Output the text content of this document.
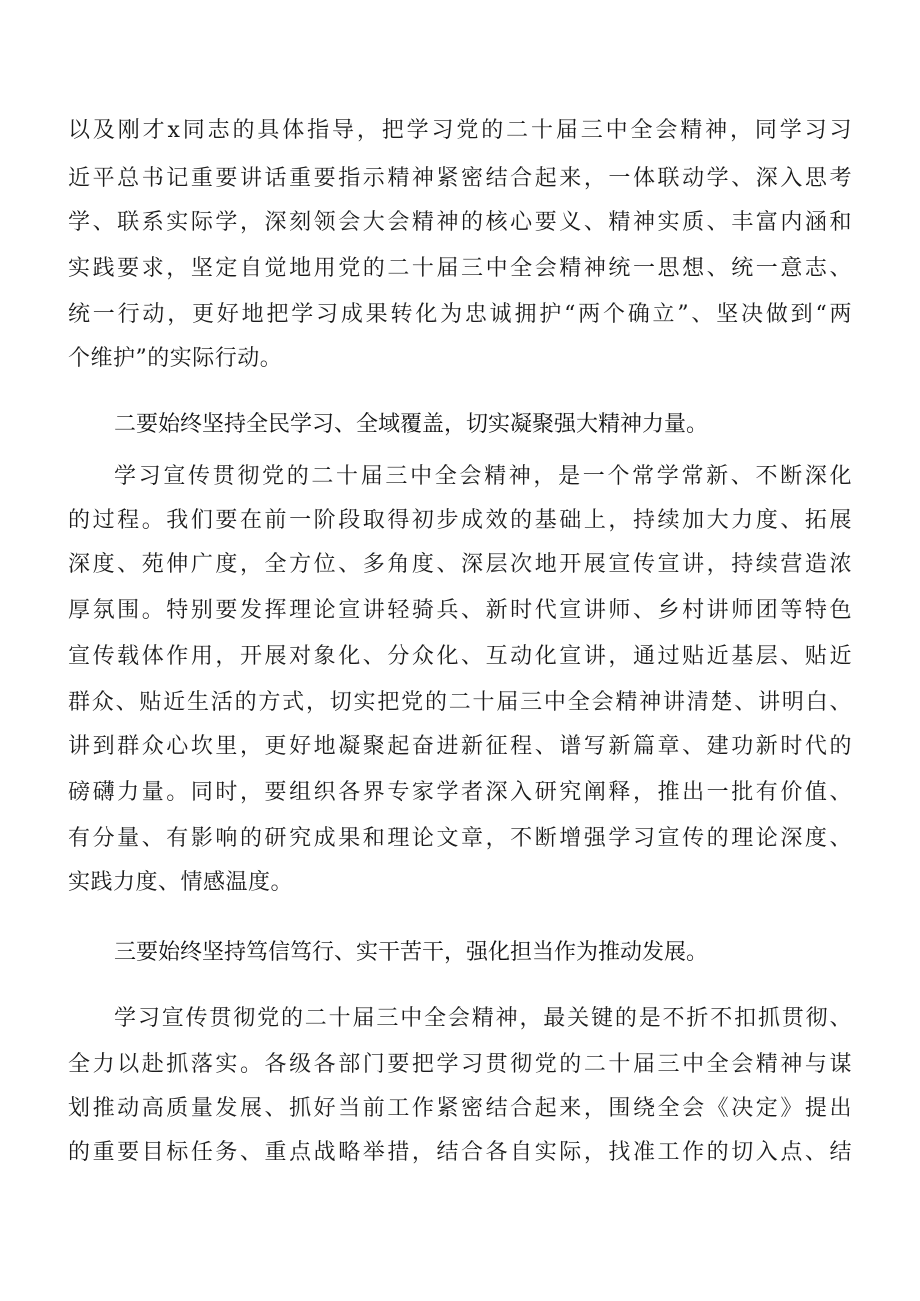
以及刚才x同志的具体指导，把学习党的二十届三中全会精神，同学习习
近平总书记重要讲话重要指示精神紧密结合起来，一体联动学、深入思考
学、联系实际学，深刻领会大会精神的核心要义、精神实质、丰富内涵和
实践要求，坚定自觉地用党的二十届三中全会精神统一思想、统一意志、
统一行动，更好地把学习成果转化为忠诚拥护“两个确立”、坚决做到“两
个维护”的实际行动。
二要始终坚持全民学习、全域覆盖，切实凝聚强大精神力量。
学习宣传贯彻党的二十届三中全会精神，是一个常学常新、不断深化
的过程。我们要在前一阶段取得初步成效的基础上，持续加大力度、拓展
深度、苑伸广度，全方位、多角度、深层次地开展宣传宣讲，持续营造浓
厚氛围。特别要发挥理论宣讲轻骑兵、新时代宣讲师、乡村讲师团等特色
宣传载体作用，开展对象化、分众化、互动化宣讲，通过贴近基层、贴近
群众、贴近生活的方式，切实把党的二十届三中全会精神讲清楚、讲明白、
讲到群众心坎里，更好地凝聚起奋进新征程、谱写新篇章、建功新时代的
磅礴力量。同时，要组织各界专家学者深入研究阐释，推出一批有价值、
有分量、有影响的研究成果和理论文章，不断增强学习宣传的理论深度、
实践力度、情感温度。
三要始终坚持笃信笃行、实干苦干，强化担当作为推动发展。
学习宣传贯彻党的二十届三中全会精神，最关键的是不折不扣抓贯彻、
全力以赴抓落实。各级各部门要把学习贯彻党的二十届三中全会精神与谋
划推动高质量发展、抓好当前工作紧密结合起来，围绕全会《决定》提出
的重要目标任务、重点战略举措，结合各自实际，找准工作的切入点、结
